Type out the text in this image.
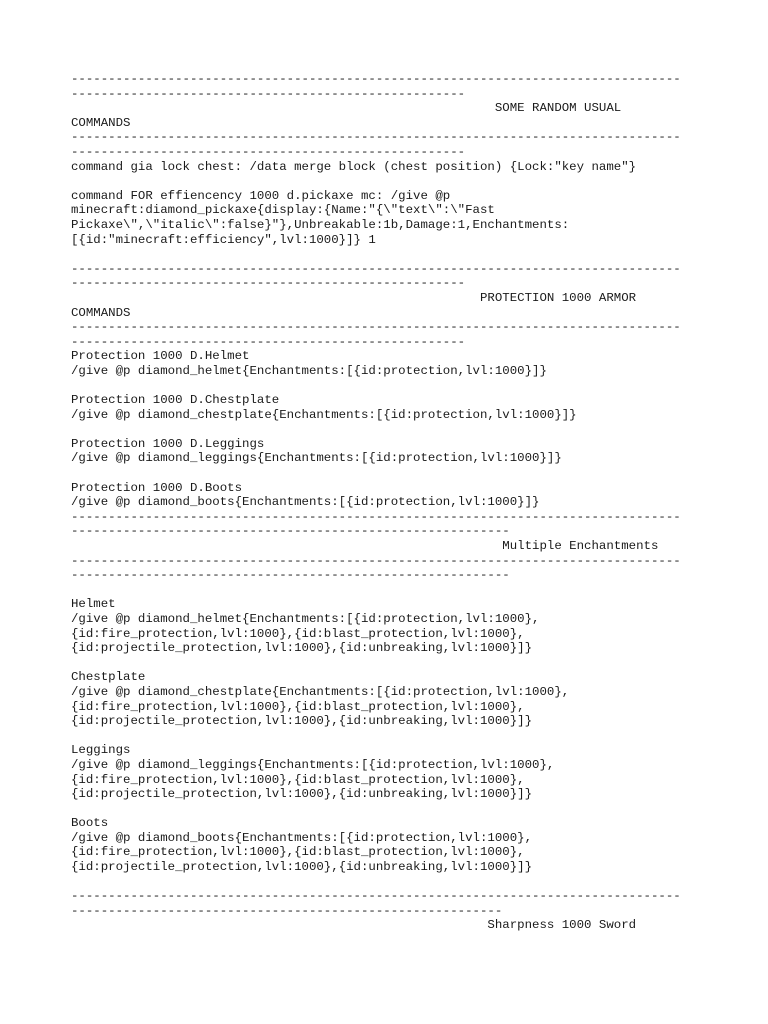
----------------------------------------------------------------------------------
-----------------------------------------------------
SOME RANDOM USUAL
COMMANDS
----------------------------------------------------------------------------------
-----------------------------------------------------
command gia lock chest: /data merge block (chest position) {Lock:"key name"}
command FOR effiencency 1000 d.pickaxe mc: /give @p
minecraft:diamond_pickaxe{display:{Name:"{\"text\":\"Fast
Pickaxe\",\"italic\":false}"},Unbreakable:1b,Damage:1,Enchantments:
[{id:"minecraft:efficiency",lvl:1000}]} 1
----------------------------------------------------------------------------------
-----------------------------------------------------
PROTECTION 1000 ARMOR
COMMANDS
----------------------------------------------------------------------------------
-----------------------------------------------------
Protection 1000 D.Helmet
/give @p diamond_helmet{Enchantments:[{id:protection,lvl:1000}]}
Protection 1000 D.Chestplate
/give @p diamond_chestplate{Enchantments:[{id:protection,lvl:1000}]}
Protection 1000 D.Leggings
/give @p diamond_leggings{Enchantments:[{id:protection,lvl:1000}]}
Protection 1000 D.Boots
/give @p diamond_boots{Enchantments:[{id:protection,lvl:1000}]}
----------------------------------------------------------------------------------
-----------------------------------------------------------
Multiple Enchantments
----------------------------------------------------------------------------------
-----------------------------------------------------------
Helmet
/give @p diamond_helmet{Enchantments:[{id:protection,lvl:1000},
{id:fire_protection,lvl:1000},{id:blast_protection,lvl:1000},
{id:projectile_protection,lvl:1000},{id:unbreaking,lvl:1000}]}
Chestplate
/give @p diamond_chestplate{Enchantments:[{id:protection,lvl:1000},
{id:fire_protection,lvl:1000},{id:blast_protection,lvl:1000},
{id:projectile_protection,lvl:1000},{id:unbreaking,lvl:1000}]}
Leggings
/give @p diamond_leggings{Enchantments:[{id:protection,lvl:1000},
{id:fire_protection,lvl:1000},{id:blast_protection,lvl:1000},
{id:projectile_protection,lvl:1000},{id:unbreaking,lvl:1000}]}
Boots
/give @p diamond_boots{Enchantments:[{id:protection,lvl:1000},
{id:fire_protection,lvl:1000},{id:blast_protection,lvl:1000},
{id:projectile_protection,lvl:1000},{id:unbreaking,lvl:1000}]}
----------------------------------------------------------------------------------
----------------------------------------------------------
Sharpness 1000 Sword
